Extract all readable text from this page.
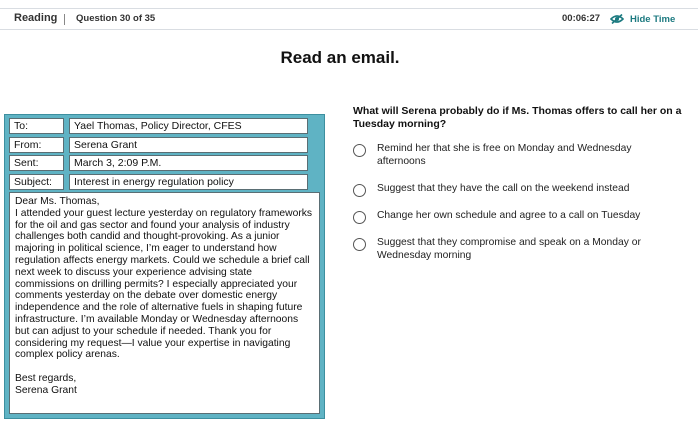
Reading Question 30 of 35	00:06:27	Hide Time
Read an email.
To:	Yael Thomas, Policy Director, CFES
From:	Serena Grant
Sent:	March 3, 2:09 P.M.
Subject:	Interest in energy regulation policy

Dear Ms. Thomas,

I attended your guest lecture yesterday on regulatory frameworks for the oil and gas sector and found your analysis of industry challenges both candid and thought-provoking. As a junior majoring in political science, I’m eager to understand how regulation affects energy markets. Could we schedule a brief call next week to discuss your experience advising state commissions on drilling permits? I especially appreciated your comments yesterday on the debate over domestic energy independence and the role of alternative fuels in shaping future infrastructure. I’m available Monday or Wednesday afternoons but can adjust to your schedule if needed. Thank you for considering my request—I value your expertise in navigating complex policy arenas.

Best regards,

Serena Grant

What will Serena probably do if Ms. Thomas offers to call her on a Tuesday morning?
Remind her that she is free on Monday and Wednesday afternoons
Suggest that they have the call on the weekend instead
Change her own schedule and agree to a call on Tuesday
Suggest that they compromise and speak on a Monday or Wednesday morning
